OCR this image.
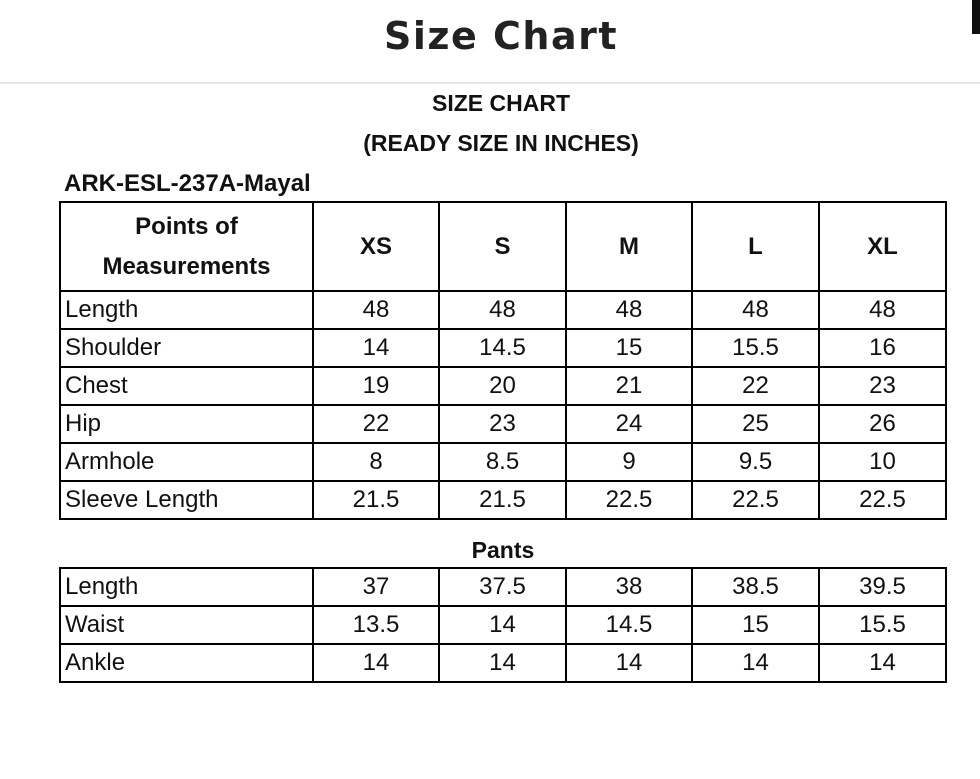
Size Chart
SIZE CHART
(READY SIZE IN INCHES)
ARK-ESL-237A-Mayal
Points of
Measurements	XS	S	M	L	XL
Length	48	48	48	48	48
Shoulder	14	14.5	15	15.5	16
Chest	19	20	21	22	23
Hip	22	23	24	25	26
Armhole	8	8.5	9	9.5	10
Sleeve Length	21.5	21.5	22.5	22.5	22.5
Pants
Length	37	37.5	38	38.5	39.5
Waist	13.5	14	14.5	15	15.5
Ankle	14	14	14	14	14
